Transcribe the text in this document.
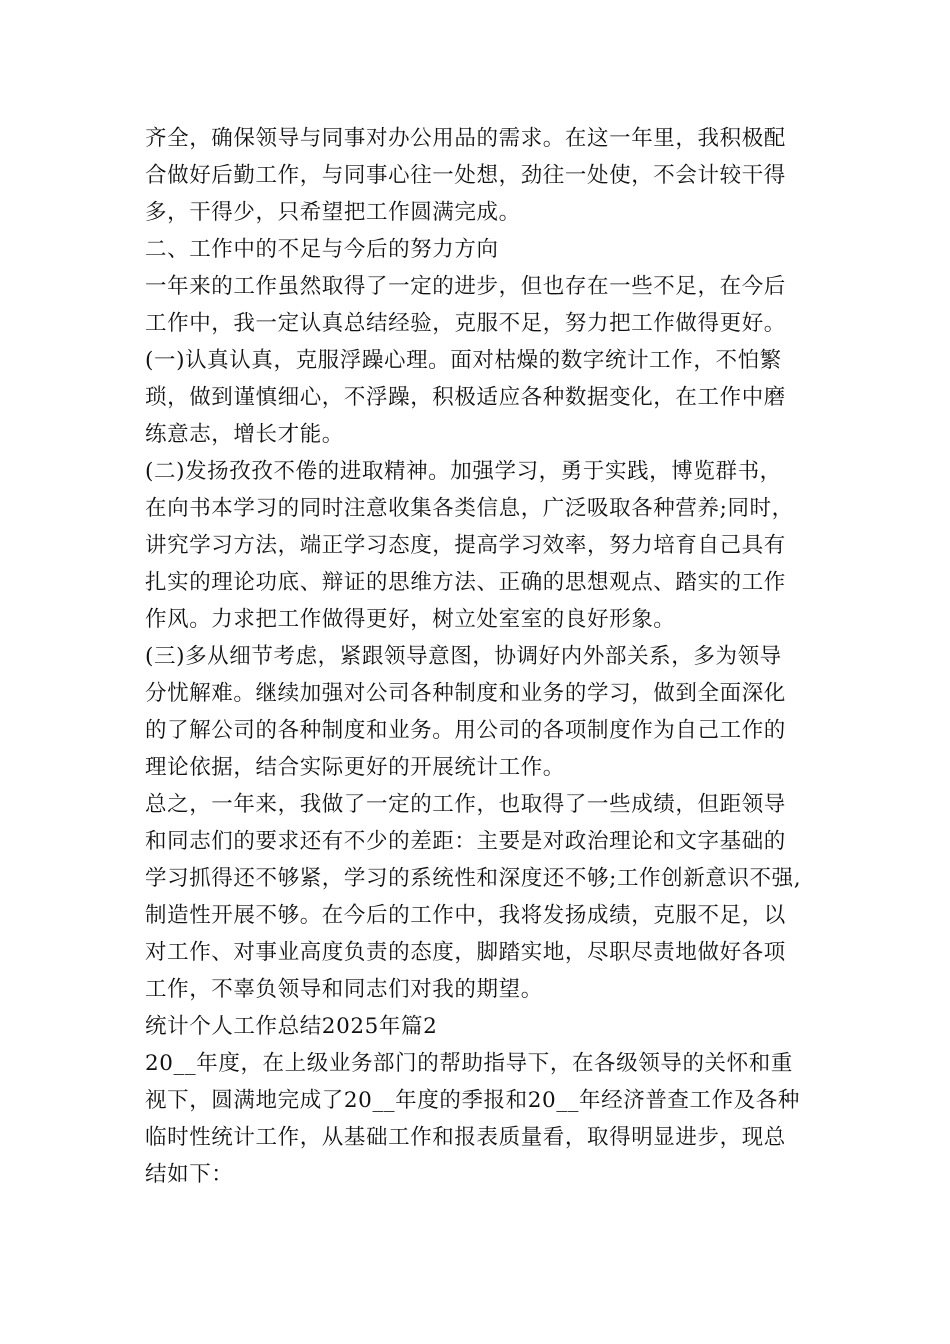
齐全，确保领导与同事对办公用品的需求。在这一年里，我积极配
合做好后勤工作，与同事心往一处想，劲往一处使，不会计较干得
多，干得少，只希望把工作圆满完成。
二、工作中的不足与今后的努力方向
一年来的工作虽然取得了一定的进步，但也存在一些不足，在今后
工作中，我一定认真总结经验，克服不足，努力把工作做得更好。
(一)认真认真，克服浮躁心理。面对枯燥的数字统计工作，不怕繁
琐，做到谨慎细心，不浮躁，积极适应各种数据变化，在工作中磨
练意志，增长才能。
(二)发扬孜孜不倦的进取精神。加强学习，勇于实践，博览群书，
在向书本学习的同时注意收集各类信息，广泛吸取各种营养;同时，
讲究学习方法，端正学习态度，提高学习效率，努力培育自己具有
扎实的理论功底、辩证的思维方法、正确的思想观点、踏实的工作
作风。力求把工作做得更好，树立处室室的良好形象。
(三)多从细节考虑，紧跟领导意图，协调好内外部关系，多为领导
分忧解难。继续加强对公司各种制度和业务的学习，做到全面深化
的了解公司的各种制度和业务。用公司的各项制度作为自己工作的
理论依据，结合实际更好的开展统计工作。
总之，一年来，我做了一定的工作，也取得了一些成绩，但距领导
和同志们的要求还有不少的差距：主要是对政治理论和文字基础的
学习抓得还不够紧，学习的系统性和深度还不够;工作创新意识不强,
制造性开展不够。在今后的工作中，我将发扬成绩，克服不足，以
对工作、对事业高度负责的态度，脚踏实地，尽职尽责地做好各项
工作，不辜负领导和同志们对我的期望。
统计个人工作总结2025年篇2
20__年度，在上级业务部门的帮助指导下，在各级领导的关怀和重
视下，圆满地完成了20__年度的季报和20__年经济普查工作及各种
临时性统计工作，从基础工作和报表质量看，取得明显进步，现总
结如下：
